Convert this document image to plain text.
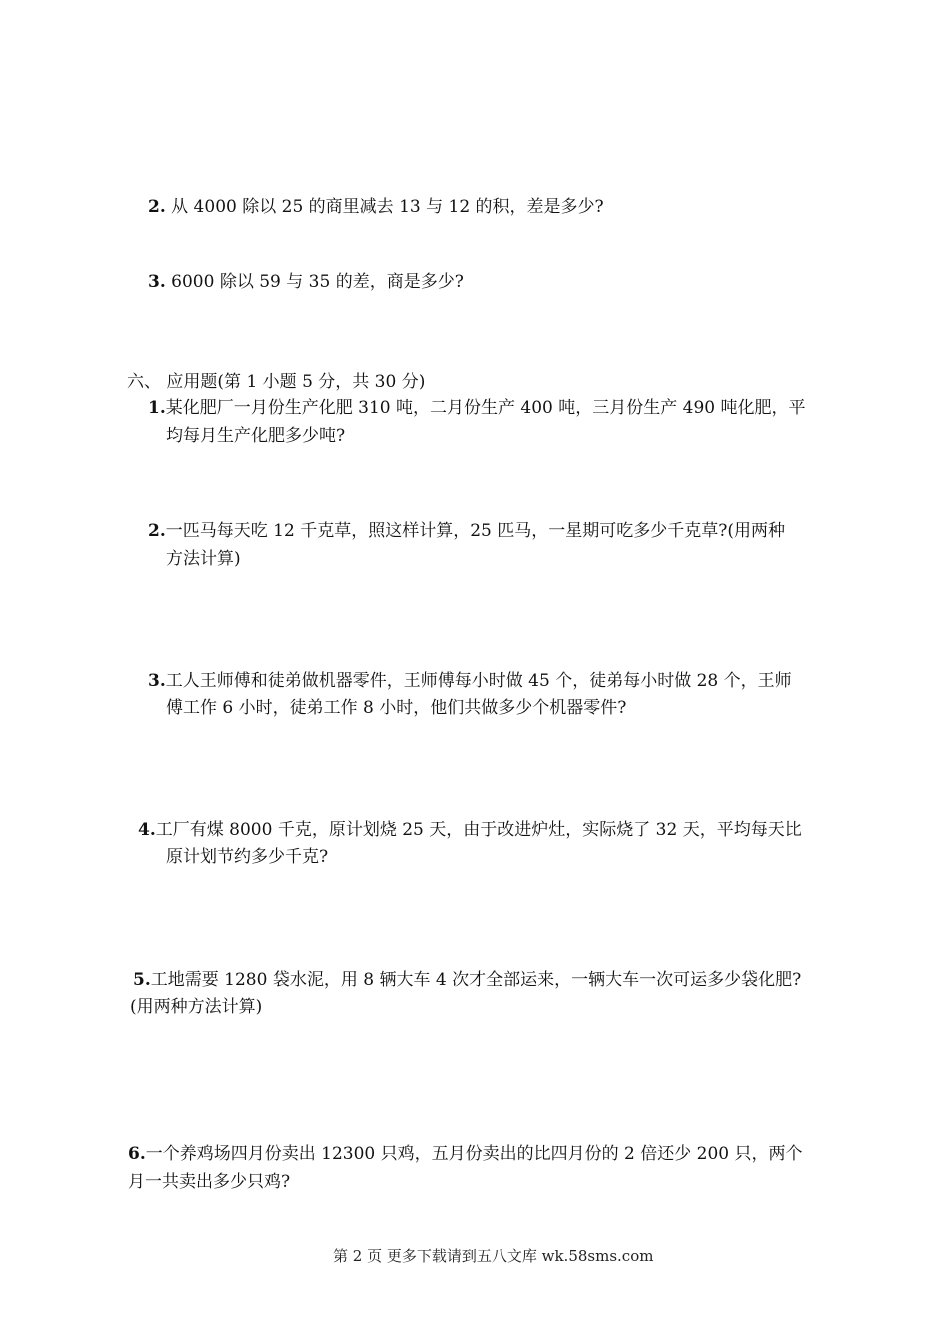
2. 从 4000 除以 25 的商里减去 13 与 12 的积，差是多少?
3. 6000 除以 59 与 35 的差，商是多少?
六、 应用题(第 1 小题 5 分，共 30 分)
1.某化肥厂一月份生产化肥 310 吨，二月份生产 400 吨，三月份生产 490 吨化肥，平
均每月生产化肥多少吨?
2.一匹马每天吃 12 千克草，照这样计算，25 匹马，一星期可吃多少千克草?(用两种
方法计算)
3.工人王师傅和徒弟做机器零件，王师傅每小时做 45 个，徒弟每小时做 28 个，王师
傅工作 6 小时，徒弟工作 8 小时，他们共做多少个机器零件?
4.工厂有煤 8000 千克，原计划烧 25 天，由于改进炉灶，实际烧了 32 天，平均每天比
原计划节约多少千克?
5.工地需要 1280 袋水泥，用 8 辆大车 4 次才全部运来，一辆大车一次可运多少袋化肥?
(用两种方法计算)
6.一个养鸡场四月份卖出 12300 只鸡，五月份卖出的比四月份的 2 倍还少 200 只，两个
月一共卖出多少只鸡?
第 2 页 更多下载请到五八文库 wk.58sms.com
